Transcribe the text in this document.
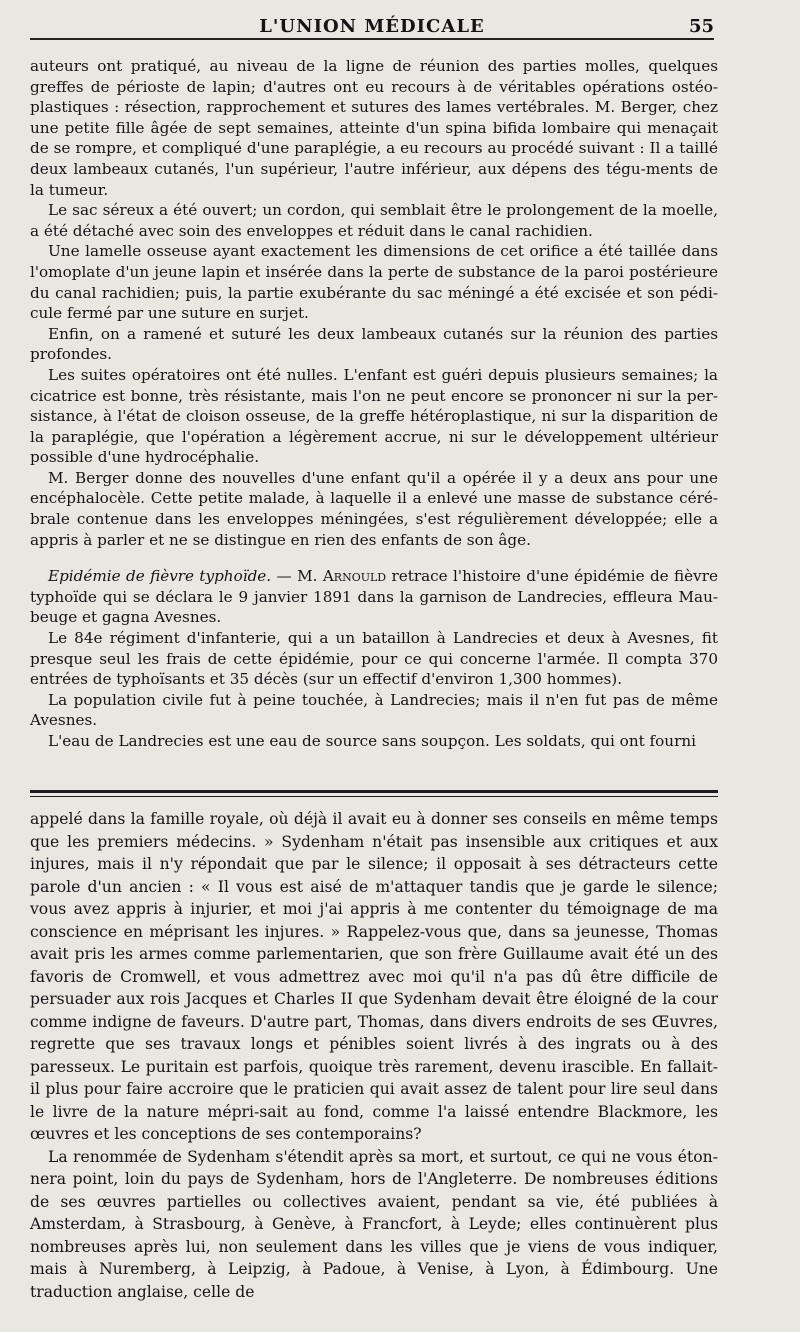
L'UNION MÉDICALE	55

auteurs ont pratiqué, au niveau de la ligne de réunion des parties molles, quelques greffes de périoste de lapin; d'autres ont eu recours à de véritables opérations ostéo-plastiques : résection, rapprochement et sutures des lames vertébrales. M. Berger, chez une petite fille âgée de sept semaines, atteinte d'un spina bifida lombaire qui menaçait de se rompre, et compliqué d'une paraplégie, a eu recours au procédé suivant : Il a taillé deux lambeaux cutanés, l'un supérieur, l'autre inférieur, aux dépens des tégu-ments de la tumeur.

Le sac séreux a été ouvert; un cordon, qui semblait être le prolongement de la moelle, a été détaché avec soin des enveloppes et réduit dans le canal rachidien.

Une lamelle osseuse ayant exactement les dimensions de cet orifice a été taillée dans l'omoplate d'un jeune lapin et insérée dans la perte de substance de la paroi postérieure du canal rachidien; puis, la partie exubérante du sac méningé a été excisée et son pédi-cule fermé par une suture en surjet.

Enfin, on a ramené et suturé les deux lambeaux cutanés sur la réunion des parties profondes.

Les suites opératoires ont été nulles. L'enfant est guéri depuis plusieurs semaines; la cicatrice est bonne, très résistante, mais l'on ne peut encore se prononcer ni sur la per-sistance, à l'état de cloison osseuse, de la greffe hétéroplastique, ni sur la disparition de la paraplégie, que l'opération a légèrement accrue, ni sur le développement ultérieur possible d'une hydrocéphalie.

M. Berger donne des nouvelles d'une enfant qu'il a opérée il y a deux ans pour une encéphalocèle. Cette petite malade, à laquelle il a enlevé une masse de substance céré-brale contenue dans les enveloppes méningées, s'est régulièrement développée; elle a appris à parler et ne se distingue en rien des enfants de son âge.

Epidémie de fièvre typhoïde. — M. Arnould retrace l'histoire d'une épidémie de fièvre typhoïde qui se déclara le 9 janvier 1891 dans la garnison de Landrecies, effleura Mau-beuge et gagna Avesnes.

Le 84e régiment d'infanterie, qui a un bataillon à Landrecies et deux à Avesnes, fit presque seul les frais de cette épidémie, pour ce qui concerne l'armée. Il compta 370 entrées de typhoïsants et 35 décès (sur un effectif d'environ 1,300 hommes).

La population civile fut à peine touchée, à Landrecies; mais il n'en fut pas de même Avesnes.

L'eau de Landrecies est une eau de source sans soupçon. Les soldats, qui ont fourni

appelé dans la famille royale, où déjà il avait eu à donner ses conseils en même temps que les premiers médecins. » Sydenham n'était pas insensible aux critiques et aux injures, mais il n'y répondait que par le silence; il opposait à ses détracteurs cette parole d'un ancien : « Il vous est aisé de m'attaquer tandis que je garde le silence; vous avez appris à injurier, et moi j'ai appris à me contenter du témoignage de ma conscience en méprisant les injures. » Rappelez-vous que, dans sa jeunesse, Thomas avait pris les armes comme parlementarien, que son frère Guillaume avait été un des favoris de Cromwell, et vous admettrez avec moi qu'il n'a pas dû être difficile de persuader aux rois Jacques et Charles II que Sydenham devait être éloigné de la cour comme indigne de faveurs. D'autre part, Thomas, dans divers endroits de ses Œuvres, regrette que ses travaux longs et pénibles soient livrés à des ingrats ou à des paresseux. Le puritain est parfois, quoique très rarement, devenu irascible. En fallait-il plus pour faire accroire que le praticien qui avait assez de talent pour lire seul dans le livre de la nature mépri-sait au fond, comme l'a laissé entendre Blackmore, les œuvres et les conceptions de ses contemporains?

La renommée de Sydenham s'étendit après sa mort, et surtout, ce qui ne vous éton-nera point, loin du pays de Sydenham, hors de l'Angleterre. De nombreuses éditions de ses œuvres partielles ou collectives avaient, pendant sa vie, été publiées à Amsterdam, à Strasbourg, à Genève, à Francfort, à Leyde; elles continuèrent plus nombreuses après lui, non seulement dans les villes que je viens de vous indiquer, mais à Nuremberg, à Leipzig, à Padoue, à Venise, à Lyon, à Édimbourg. Une traduction anglaise, celle de
